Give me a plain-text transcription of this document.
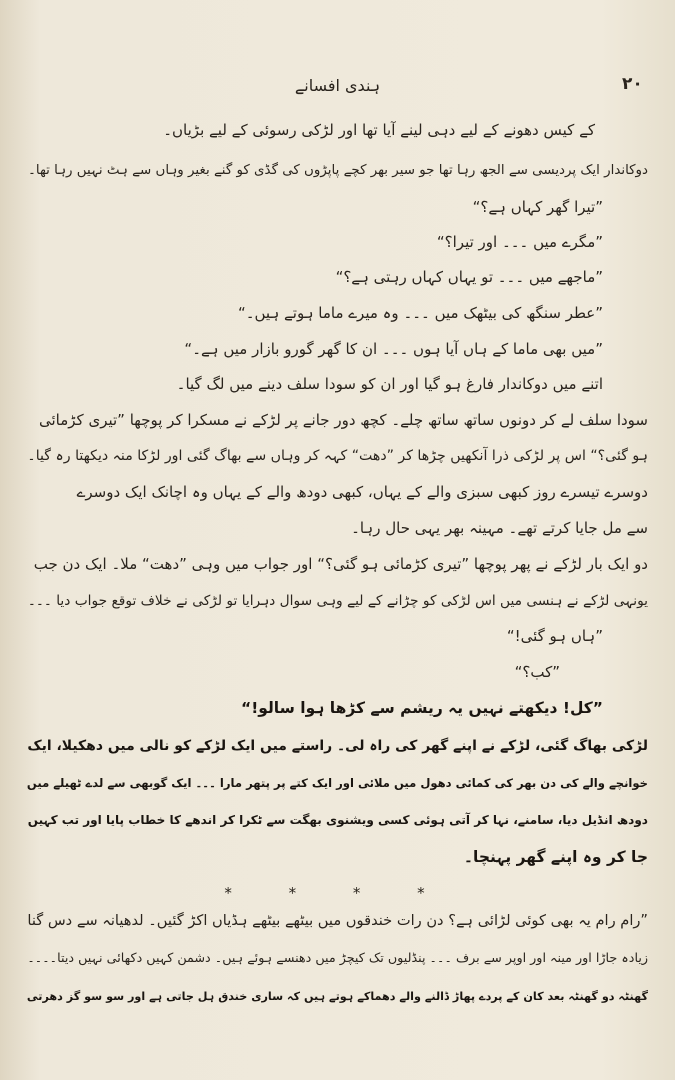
۲۰
ہندی افسانے
کے کیس دھونے کے لیے دہی لینے آیا تھا اور لڑکی رسوئی کے لیے بڑیاں۔
دوکاندار ایک پردیسی سے الجھ رہا تھا جو سیر بھر کچے پاپڑوں کی گڈی کو گنے بغیر وہاں سے ہٹ نہیں رہا تھا۔
”تیرا گھر کہاں ہے؟“
”مگرے میں ۔۔۔ اور تیرا؟“
”ماجھے میں ۔۔۔ تو یہاں کہاں رہتی ہے؟“
”عطر سنگھ کی بیٹھک میں ۔۔۔ وہ میرے ماما ہوتے ہیں۔“
”میں بھی ماما کے ہاں آیا ہوں ۔۔۔ ان کا گھر گورو بازار میں ہے۔“
اتنے میں دوکاندار فارغ ہو گیا اور ان کو سودا سلف دینے میں لگ گیا۔
سودا سلف لے کر دونوں ساتھ ساتھ چلے۔ کچھ دور جانے پر لڑکے نے مسکرا کر پوچھا ”تیری کڑمائی
ہو گئی؟“ اس پر لڑکی ذرا آنکھیں چڑھا کر ”دھت“ کہہ کر وہاں سے بھاگ گئی اور لڑکا منہ دیکھتا رہ گیا۔
دوسرے تیسرے روز کبھی سبزی والے کے یہاں، کبھی دودھ والے کے یہاں وہ اچانک ایک دوسرے
سے مل جایا کرتے تھے۔ مہینہ بھر یہی حال رہا۔
دو ایک بار لڑکے نے پھر پوچھا ”تیری کڑمائی ہو گئی؟“ اور جواب میں وہی ”دھت“ ملا۔ ایک دن جب
یونہی لڑکے نے ہنسی میں اس لڑکی کو چڑانے کے لیے وہی سوال دہرایا تو لڑکی نے خلاف توقع جواب دیا ۔۔۔
”ہاں ہو گئی!“
”کب؟“
”کل! دیکھتے نہیں یہ ریشم سے کڑھا ہوا سالو!“
لڑکی بھاگ گئی، لڑکے نے اپنے گھر کی راہ لی۔ راستے میں ایک لڑکے کو نالی میں دھکیلا، ایک
خوانچے والے کی دن بھر کی کمائی دھول میں ملائی اور ایک کتے پر پتھر مارا ۔۔۔ ایک گوبھی سے لدے ٹھیلے میں
دودھ انڈیل دیا، سامنے، نہا کر آتی ہوئی کسی ویشنوی بھگت سے ٹکرا کر اندھے کا خطاب پایا اور تب کہیں
جا کر وہ اپنے گھر پہنچا۔
* * * *
”رام رام یہ بھی کوئی لڑائی ہے؟ دن رات خندقوں میں بیٹھے بیٹھے ہڈیاں اکڑ گئیں۔ لدھیانہ سے دس گنا
زیادہ جاڑا اور مینہ اور اوپر سے برف ۔۔۔ پنڈلیوں تک کیچڑ میں دھنسے ہوئے ہیں۔ دشمن کہیں دکھائی نہیں دیتا۔۔۔۔
گھنٹہ دو گھنٹہ بعد کان کے پردے پھاڑ ڈالنے والے دھماکے ہوتے ہیں کہ ساری خندق ہل جاتی ہے اور سو سو گز دھرتی
